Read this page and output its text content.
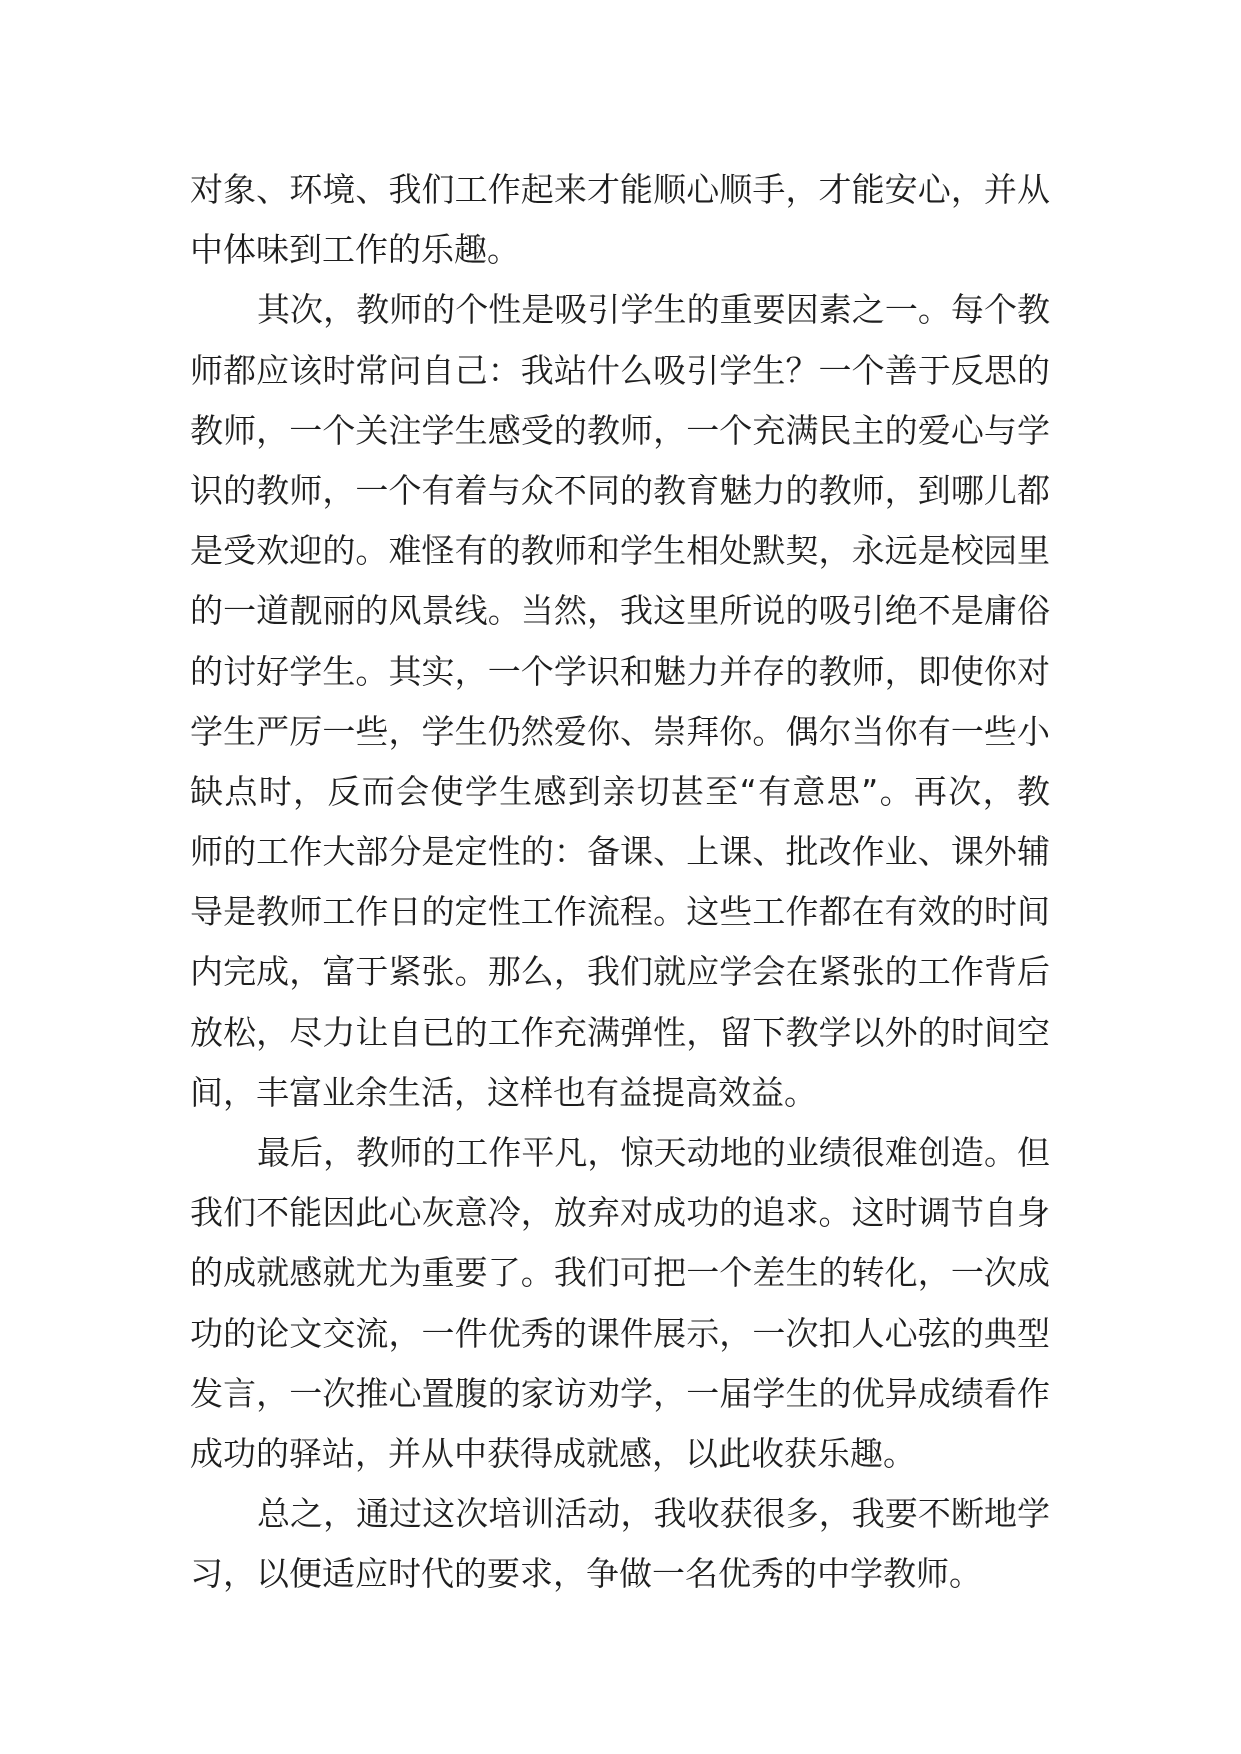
对象、环境、我们工作起来才能顺心顺手，才能安心，并从
中体味到工作的乐趣。
其次，教师的个性是吸引学生的重要因素之一。每个教
师都应该时常问自己：我站什么吸引学生？一个善于反思的
教师，一个关注学生感受的教师，一个充满民主的爱心与学
识的教师，一个有着与众不同的教育魅力的教师，到哪儿都
是受欢迎的。难怪有的教师和学生相处默契，永远是校园里
的一道靓丽的风景线。当然，我这里所说的吸引绝不是庸俗
的讨好学生。其实，一个学识和魅力并存的教师，即使你对
学生严厉一些，学生仍然爱你、崇拜你。偶尔当你有一些小
缺点时，反而会使学生感到亲切甚至“有意思”。再次，教
师的工作大部分是定性的：备课、上课、批改作业、课外辅
导是教师工作日的定性工作流程。这些工作都在有效的时间
内完成，富于紧张。那么，我们就应学会在紧张的工作背后
放松，尽力让自已的工作充满弹性，留下教学以外的时间空
间，丰富业余生活，这样也有益提高效益。
最后，教师的工作平凡，惊天动地的业绩很难创造。但
我们不能因此心灰意冷，放弃对成功的追求。这时调节自身
的成就感就尤为重要了。我们可把一个差生的转化，一次成
功的论文交流，一件优秀的课件展示，一次扣人心弦的典型
发言，一次推心置腹的家访劝学，一届学生的优异成绩看作
成功的驿站，并从中获得成就感，以此收获乐趣。
总之，通过这次培训活动，我收获很多，我要不断地学
习，以便适应时代的要求，争做一名优秀的中学教师。
